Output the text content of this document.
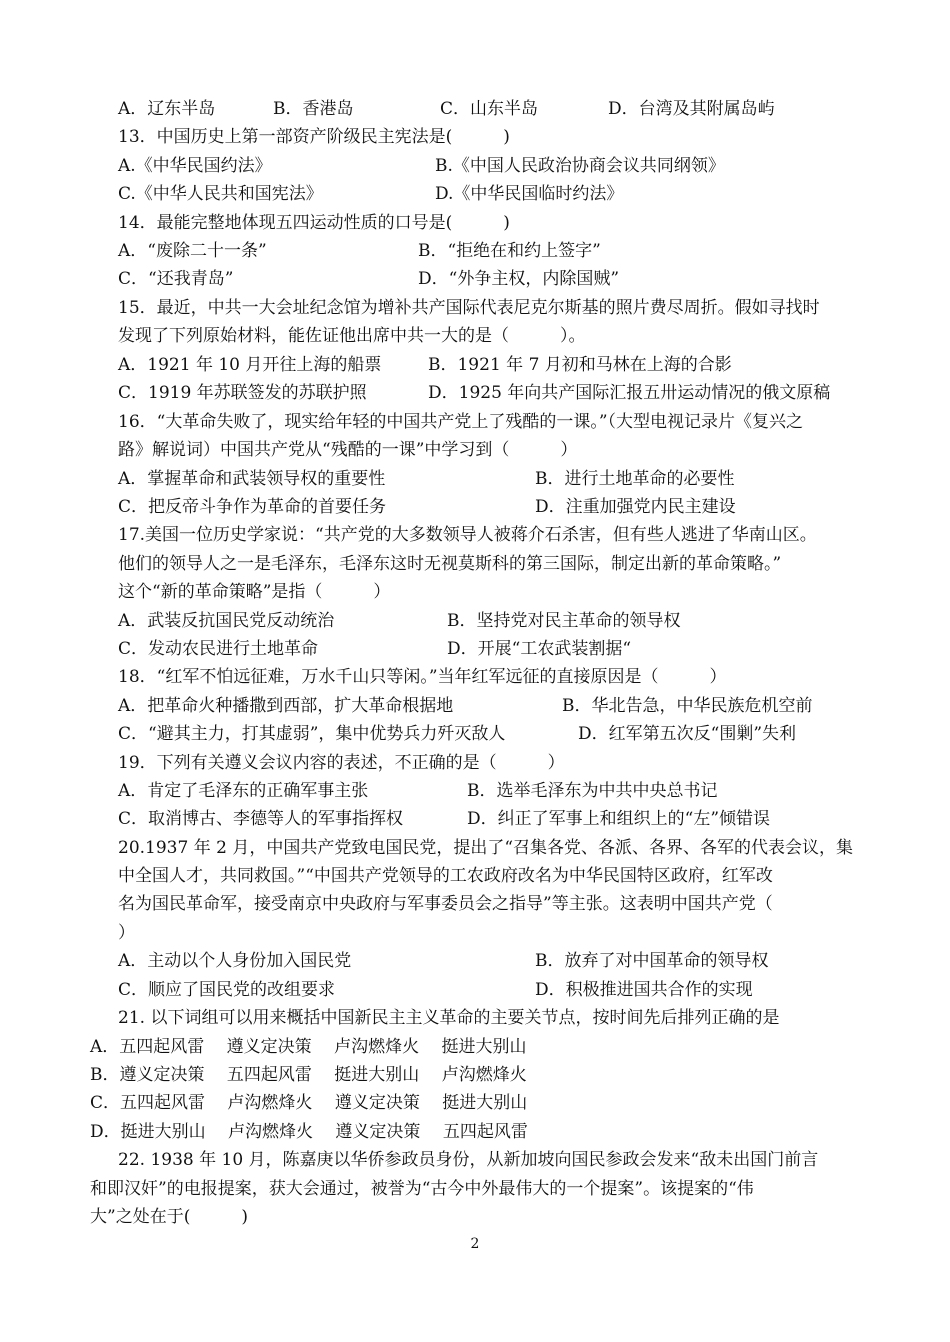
A．辽东半岛	B．香港岛	C．山东半岛	D．台湾及其附属岛屿
13．中国历史上第一部资产阶级民主宪法是(　　　)
A.《中华民国约法》	B.《中国人民政治协商会议共同纲领》
C.《中华人民共和国宪法》	D.《中华民国临时约法》
14．最能完整地体现五四运动性质的口号是(　　　)
A．“废除二十一条”	B．“拒绝在和约上签字”
C．“还我青岛”	D．“外争主权，内除国贼”
15．最近，中共一大会址纪念馆为增补共产国际代表尼克尔斯基的照片费尽周折。假如寻找时
发现了下列原始材料，能佐证他出席中共一大的是（　　　）。
A．1921 年 10 月开往上海的船票	B．1921 年 7 月初和马林在上海的合影
C．1919 年苏联签发的苏联护照	D．1925 年向共产国际汇报五卅运动情况的俄文原稿
16．“大革命失败了，现实给年轻的中国共产党上了残酷的一课。”（大型电视记录片《复兴之
路》解说词）中国共产党从“残酷的一课”中学习到（　　　）
A．掌握革命和武装领导权的重要性	B．进行土地革命的必要性
C．把反帝斗争作为革命的首要任务	D．注重加强党内民主建设
17.美国一位历史学家说：“共产党的大多数领导人被蒋介石杀害，但有些人逃进了华南山区。
他们的领导人之一是毛泽东，毛泽东这时无视莫斯科的第三国际，制定出新的革命策略。”
这个“新的革命策略”是指（　　　）
A．武装反抗国民党反动统治	B．坚持党对民主革命的领导权
C．发动农民进行土地革命	D．开展“工农武装割据“
18．“红军不怕远征难，万水千山只等闲。”当年红军远征的直接原因是（　　　）
A．把革命火种播撒到西部，扩大革命根据地	B．华北告急，中华民族危机空前
C．“避其主力，打其虚弱”，集中优势兵力歼灭敌人	D．红军第五次反“围剿”失利
19．下列有关遵义会议内容的表述，不正确的是（　　　）
A．肯定了毛泽东的正确军事主张	B．选举毛泽东为中共中央总书记
C．取消博古、李德等人的军事指挥权	D．纠正了军事上和组织上的“左”倾错误
20.1937 年 2 月，中国共产党致电国民党，提出了“召集各党、各派、各界、各军的代表会议，集
中全国人才，共同救国。”“中国共产党领导的工农政府改名为中华民国特区政府，红军改
名为国民革命军，接受南京中央政府与军事委员会之指导”等主张。这表明中国共产党（
）
A．主动以个人身份加入国民党	B．放弃了对中国革命的领导权
C．顺应了国民党的改组要求	D．积极推进国共合作的实现
21. 以下词组可以用来概括中国新民主主义革命的主要关节点，按时间先后排列正确的是
A．五四起风雷　 遵义定决策　 卢沟燃烽火　 挺进大别山
B．遵义定决策　 五四起风雷　 挺进大别山　 卢沟燃烽火
C．五四起风雷　 卢沟燃烽火　 遵义定决策　 挺进大别山
D．挺进大别山　 卢沟燃烽火　 遵义定决策　 五四起风雷
22. 1938 年 10 月，陈嘉庚以华侨参政员身份，从新加坡向国民参政会发来“敌未出国门前言
和即汉奸”的电报提案，获大会通过，被誉为“古今中外最伟大的一个提案”。该提案的“伟
大”之处在于(　　　)
2
